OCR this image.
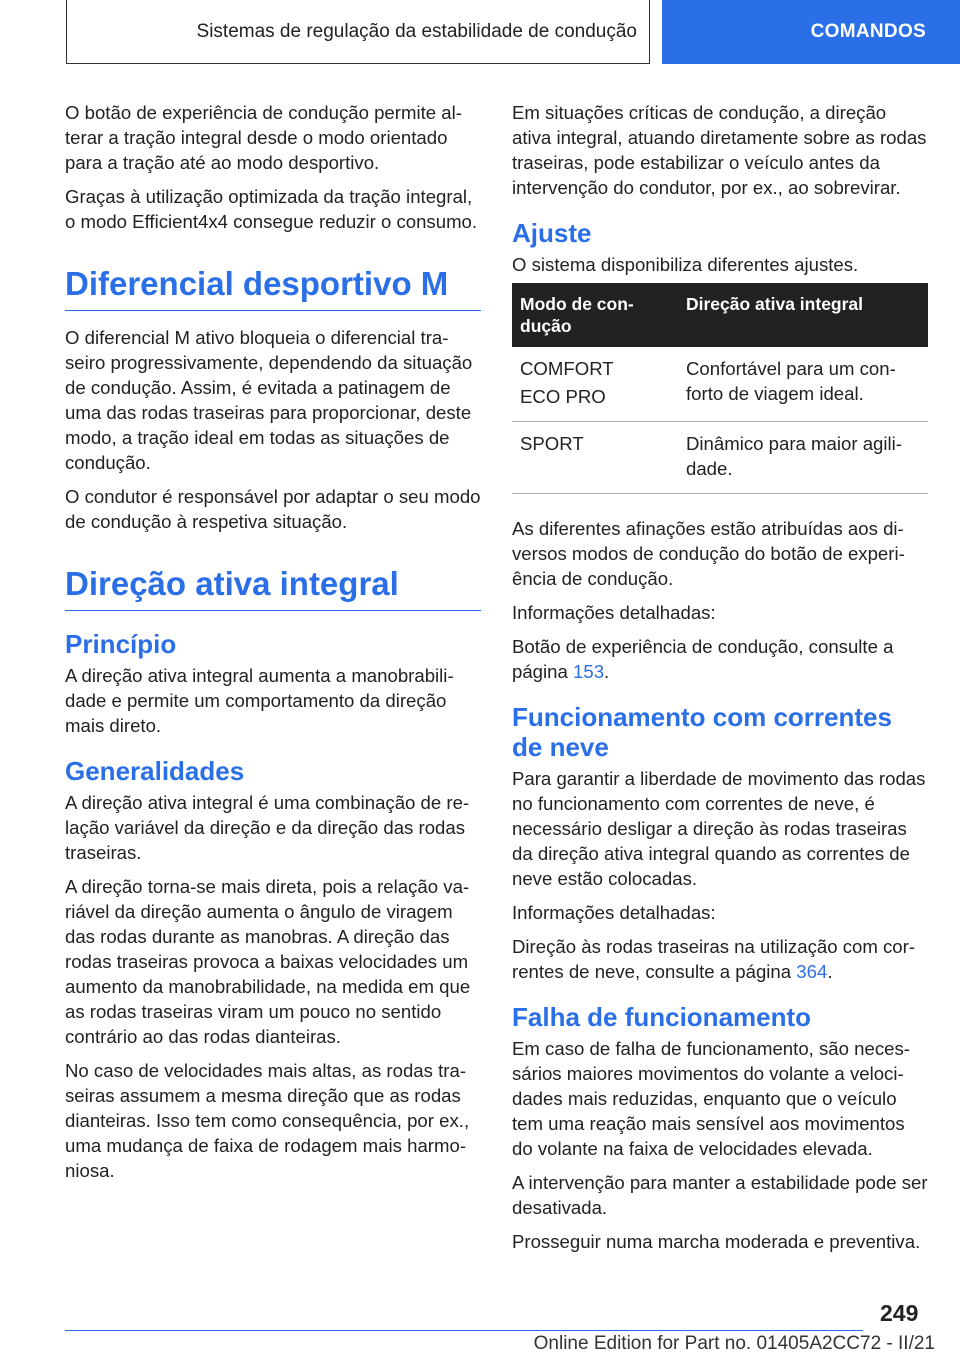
Sistemas de regulação da estabilidade de condução	COMANDOS

O botão de experiência de condução permite alterar a tração integral desde o modo orientado para a tração até ao modo desportivo.

Graças à utilização optimizada da tração integral, o modo Efficient4x4 consegue reduzir o consumo.

Diferencial desportivo M

O diferencial M ativo bloqueia o diferencial traseiro progressivamente, dependendo da situação de condução. Assim, é evitada a patinagem de uma das rodas traseiras para proporcionar, deste modo, a tração ideal em todas as situações de condução.

O condutor é responsável por adaptar o seu modo de condução à respetiva situação.

Direção ativa integral
Princípio

A direção ativa integral aumenta a manobrabilidade e permite um comportamento da direção mais direto.

Generalidades

A direção ativa integral é uma combinação de relação variável da direção e da direção das rodas traseiras.

A direção torna-se mais direta, pois a relação variável da direção aumenta o ângulo de viragem das rodas durante as manobras. A direção das rodas traseiras provoca a baixas velocidades um aumento da manobrabilidade, na medida em que as rodas traseiras viram um pouco no sentido contrário ao das rodas dianteiras.

No caso de velocidades mais altas, as rodas traseiras assumem a mesma direção que as rodas dianteiras. Isso tem como consequência, por ex., uma mudança de faixa de rodagem mais harmoniosa.

Em situações críticas de condução, a direção ativa integral, atuando diretamente sobre as rodas traseiras, pode estabilizar o veículo antes da intervenção do condutor, por ex., ao sobrevirar.

Ajuste

O sistema disponibiliza diferentes ajustes.

Modo de condução	Direção ativa integral

COMFORT
ECO PRO	Confortável para um conforto de viagem ideal.

SPORT	Dinâmico para maior agilidade.

As diferentes afinações estão atribuídas aos diversos modos de condução do botão de experiência de condução.

Informações detalhadas:

Botão de experiência de condução, consulte a página 153.

Funcionamento com correntes de neve

Para garantir a liberdade de movimento das rodas no funcionamento com correntes de neve, é necessário desligar a direção às rodas traseiras da direção ativa integral quando as correntes de neve estão colocadas.

Informações detalhadas:

Direção às rodas traseiras na utilização com correntes de neve, consulte a página 364.

Falha de funcionamento

Em caso de falha de funcionamento, são necessários maiores movimentos do volante a velocidades mais reduzidas, enquanto que o veículo tem uma reação mais sensível aos movimentos do volante na faixa de velocidades elevada.

A intervenção para manter a estabilidade pode ser desativada.

Prosseguir numa marcha moderada e preventiva.

249
Online Edition for Part no. 01405A2CC72 - II/21
